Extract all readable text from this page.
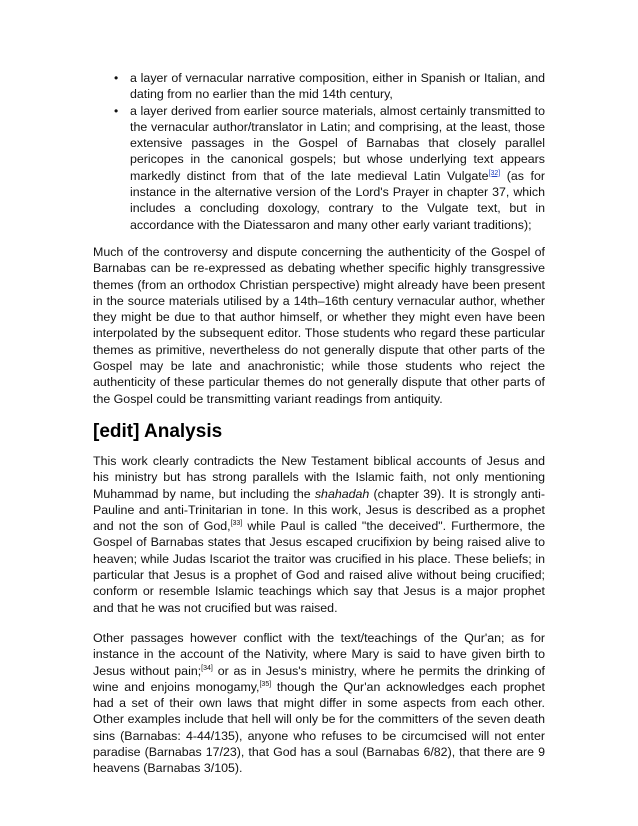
• a layer of vernacular narrative composition, either in Spanish or Italian, and dating from no earlier than the mid 14th century,
• a layer derived from earlier source materials, almost certainly transmitted to the vernacular author/translator in Latin; and comprising, at the least, those extensive passages in the Gospel of Barnabas that closely parallel pericopes in the canonical gospels; but whose underlying text appears markedly distinct from that of the late medieval Latin Vulgate[32] (as for instance in the alternative version of the Lord's Prayer in chapter 37, which includes a concluding doxology, contrary to the Vulgate text, but in accordance with the Diatessaron and many other early variant traditions);

Much of the controversy and dispute concerning the authenticity of the Gospel of Barnabas can be re-expressed as debating whether specific highly transgressive themes (from an orthodox Christian perspective) might already have been present in the source materials utilised by a 14th–16th century vernacular author, whether they might be due to that author himself, or whether they might even have been interpolated by the subsequent editor. Those students who regard these particular themes as primitive, nevertheless do not generally dispute that other parts of the Gospel may be late and anachronistic; while those students who reject the authenticity of these particular themes do not generally dispute that other parts of the Gospel could be transmitting variant readings from antiquity.

[edit] Analysis

This work clearly contradicts the New Testament biblical accounts of Jesus and his ministry but has strong parallels with the Islamic faith, not only mentioning Muhammad by name, but including the shahadah (chapter 39). It is strongly anti-Pauline and anti-Trinitarian in tone. In this work, Jesus is described as a prophet and not the son of God,[33] while Paul is called "the deceived". Furthermore, the Gospel of Barnabas states that Jesus escaped crucifixion by being raised alive to heaven; while Judas Iscariot the traitor was crucified in his place. These beliefs; in particular that Jesus is a prophet of God and raised alive without being crucified; conform or resemble Islamic teachings which say that Jesus is a major prophet and that he was not crucified but was raised.

Other passages however conflict with the text/teachings of the Qur'an; as for instance in the account of the Nativity, where Mary is said to have given birth to Jesus without pain;[34] or as in Jesus's ministry, where he permits the drinking of wine and enjoins monogamy,[35] though the Qur'an acknowledges each prophet had a set of their own laws that might differ in some aspects from each other. Other examples include that hell will only be for the committers of the seven death sins (Barnabas: 4-44/135), anyone who refuses to be circumcised will not enter paradise (Barnabas 17/23), that God has a soul (Barnabas 6/82), that there are 9 heavens (Barnabas 3/105).
